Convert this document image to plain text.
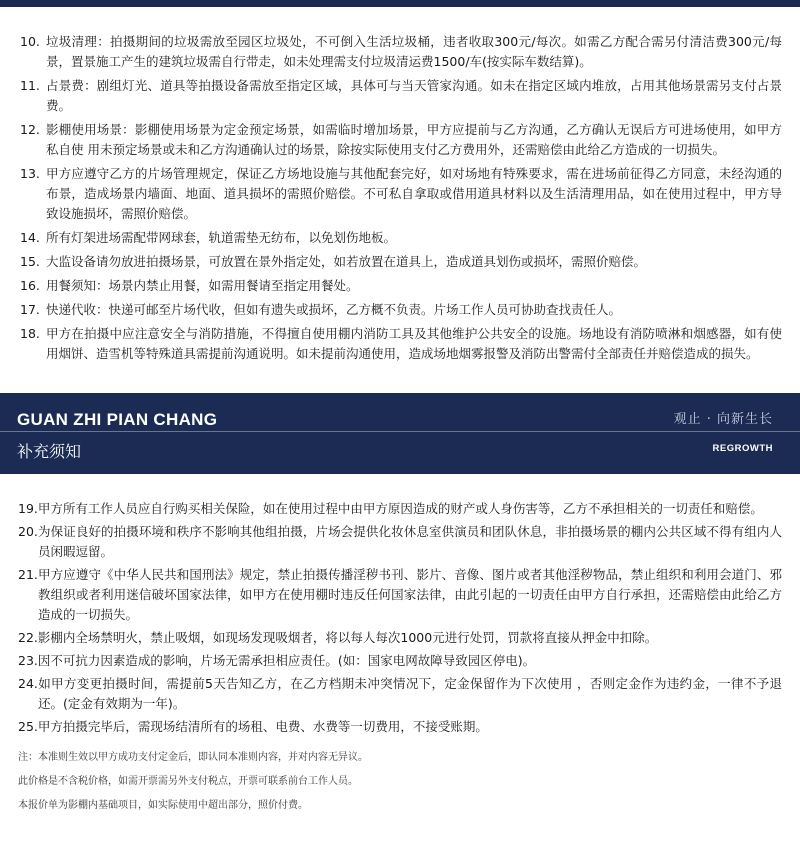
10. 垃圾清理：拍摄期间的垃圾需放至园区垃圾处，不可倒入生活垃圾桶，违者收取300元/每次。如需乙方配合需另付清洁费300元/每景，置景施工产生的建筑垃圾需自行带走，如未处理需支付垃圾清运费1500/车(按实际车数结算)。
11. 占景费：剧组灯光、道具等拍摄设备需放至指定区域，具体可与当天管家沟通。如未在指定区域内堆放，占用其他场景需另支付占景费。
12. 影棚使用场景：影棚使用场景为定金预定场景，如需临时增加场景，甲方应提前与乙方沟通，乙方确认无误后方可进场使用，如甲方私自使 用未预定场景或未和乙方沟通确认过的场景，除按实际使用支付乙方费用外，还需赔偿由此给乙方造成的一切损失。
13. 甲方应遵守乙方的片场管理规定，保证乙方场地设施与其他配套完好，如对场地有特殊要求，需在进场前征得乙方同意，未经沟通的布景，造成场景内墙面、地面、道具损坏的需照价赔偿。不可私自拿取或借用道具材料以及生活清理用品，如在使用过程中，甲方导致设施损坏，需照价赔偿。
14. 所有灯架进场需配带网球套，轨道需垫无纺布，以免划伤地板。
15. 大监设备请勿放进拍摄场景，可放置在景外指定处，如若放置在道具上，造成道具划伤或损坏，需照价赔偿。
16. 用餐须知：场景内禁止用餐，如需用餐请至指定用餐处。
17. 快递代收：快递可邮至片场代收，但如有遗失或损坏，乙方概不负责。片场工作人员可协助查找责任人。
18. 甲方在拍摄中应注意安全与消防措施，不得擅自使用棚内消防工具及其他维护公共安全的设施。场地设有消防喷淋和烟感器，如有使用烟饼、造雪机等特殊道具需提前沟通说明。如未提前沟通使用，造成场地烟雾报警及消防出警需付全部责任并赔偿造成的损失。
GUAN ZHI PIAN CHANG	观止 · 向新生长
补充须知	REGROWTH
19.甲方所有工作人员应自行购买相关保险，如在使用过程中由甲方原因造成的财产或人身伤害等，乙方不承担相关的一切责任和赔偿。
20.为保证良好的拍摄环境和秩序不影响其他组拍摄，片场会提供化妆休息室供演员和团队休息，非拍摄场景的棚内公共区域不得有组内人员闲暇逗留。
21.甲方应遵守《中华人民共和国刑法》规定，禁止拍摄传播淫秽书刊、影片、音像、图片或者其他淫秽物品，禁止组织和利用会道门、邪教组织或者利用迷信破坏国家法律，如甲方在使用棚时违反任何国家法律，由此引起的一切责任由甲方自行承担，还需赔偿由此给乙方造成的一切损失。
22.影棚内全场禁明火，禁止吸烟，如现场发现吸烟者，将以每人每次1000元进行处罚，罚款将直接从押金中扣除。
23.因不可抗力因素造成的影响，片场无需承担相应责任。(如：国家电网故障导致园区停电)。
24.如甲方变更拍摄时间，需提前5天告知乙方，在乙方档期未冲突情况下，定金保留作为下次使用 ，否则定金作为违约金，一律不予退还。(定金有效期为一年)。
25.甲方拍摄完毕后，需现场结清所有的场租、电费、水费等一切费用，不接受账期。
注：本准则生效以甲方成功支付定金后，即认同本准则内容，并对内容无异议。
此价格是不含税价格，如需开票需另外支付税点，开票可联系前台工作人员。
本报价单为影棚内基础项目，如实际使用中超出部分，照价付费。
